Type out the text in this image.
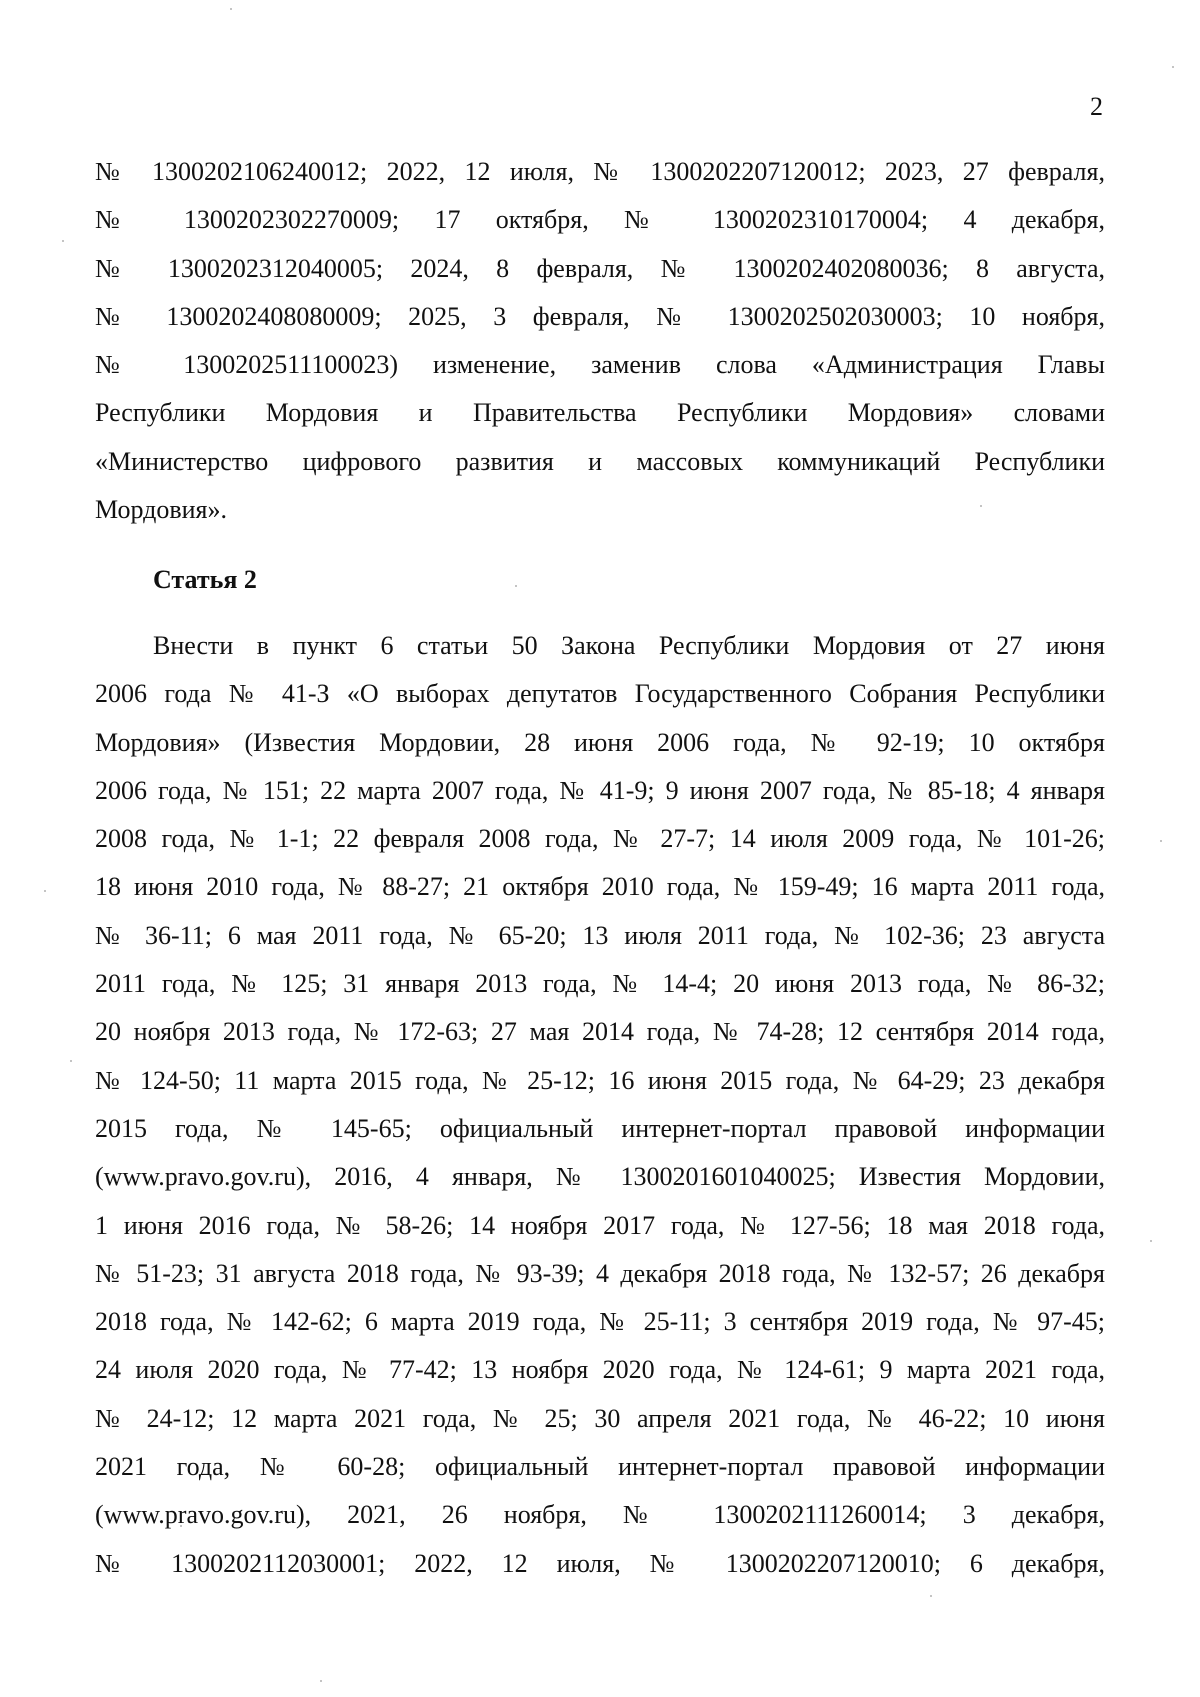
2
№ 1300202106240012; 2022, 12 июля, № 1300202207120012; 2023, 27 февраля,
№ 1300202302270009; 17 октября, № 1300202310170004; 4 декабря,
№ 1300202312040005; 2024, 8 февраля, № 1300202402080036; 8 августа,
№ 1300202408080009; 2025, 3 февраля, № 1300202502030003; 10 ноября,
№ 1300202511100023) изменение, заменив слова «Администрация Главы
Республики Мордовия и Правительства Республики Мордовия» словами
«Министерство цифрового развития и массовых коммуникаций Республики
Мордовия».
Статья 2
Внести в пункт 6 статьи 50 Закона Республики Мордовия от 27 июня
2006 года № 41-З «О выборах депутатов Государственного Собрания Республики
Мордовия» (Известия Мордовии, 28 июня 2006 года, № 92-19; 10 октября
2006 года, № 151; 22 марта 2007 года, № 41-9; 9 июня 2007 года, № 85-18; 4 января
2008 года, № 1-1; 22 февраля 2008 года, № 27-7; 14 июля 2009 года, № 101-26;
18 июня 2010 года, № 88-27; 21 октября 2010 года, № 159-49; 16 марта 2011 года,
№ 36-11; 6 мая 2011 года, № 65-20; 13 июля 2011 года, № 102-36; 23 августа
2011 года, № 125; 31 января 2013 года, № 14-4; 20 июня 2013 года, № 86-32;
20 ноября 2013 года, № 172-63; 27 мая 2014 года, № 74-28; 12 сентября 2014 года,
№ 124-50; 11 марта 2015 года, № 25-12; 16 июня 2015 года, № 64-29; 23 декабря
2015 года, № 145-65; официальный интернет-портал правовой информации
(www.pravo.gov.ru), 2016, 4 января, № 1300201601040025; Известия Мордовии,
1 июня 2016 года, № 58-26; 14 ноября 2017 года, № 127-56; 18 мая 2018 года,
№ 51-23; 31 августа 2018 года, № 93-39; 4 декабря 2018 года, № 132-57; 26 декабря
2018 года, № 142-62; 6 марта 2019 года, № 25-11; 3 сентября 2019 года, № 97-45;
24 июля 2020 года, № 77-42; 13 ноября 2020 года, № 124-61; 9 марта 2021 года,
№ 24-12; 12 марта 2021 года, № 25; 30 апреля 2021 года, № 46-22; 10 июня
2021 года, № 60-28; официальный интернет-портал правовой информации
(www.pravo.gov.ru), 2021, 26 ноября, № 1300202111260014; 3 декабря,
№ 1300202112030001; 2022, 12 июля, № 1300202207120010; 6 декабря,
